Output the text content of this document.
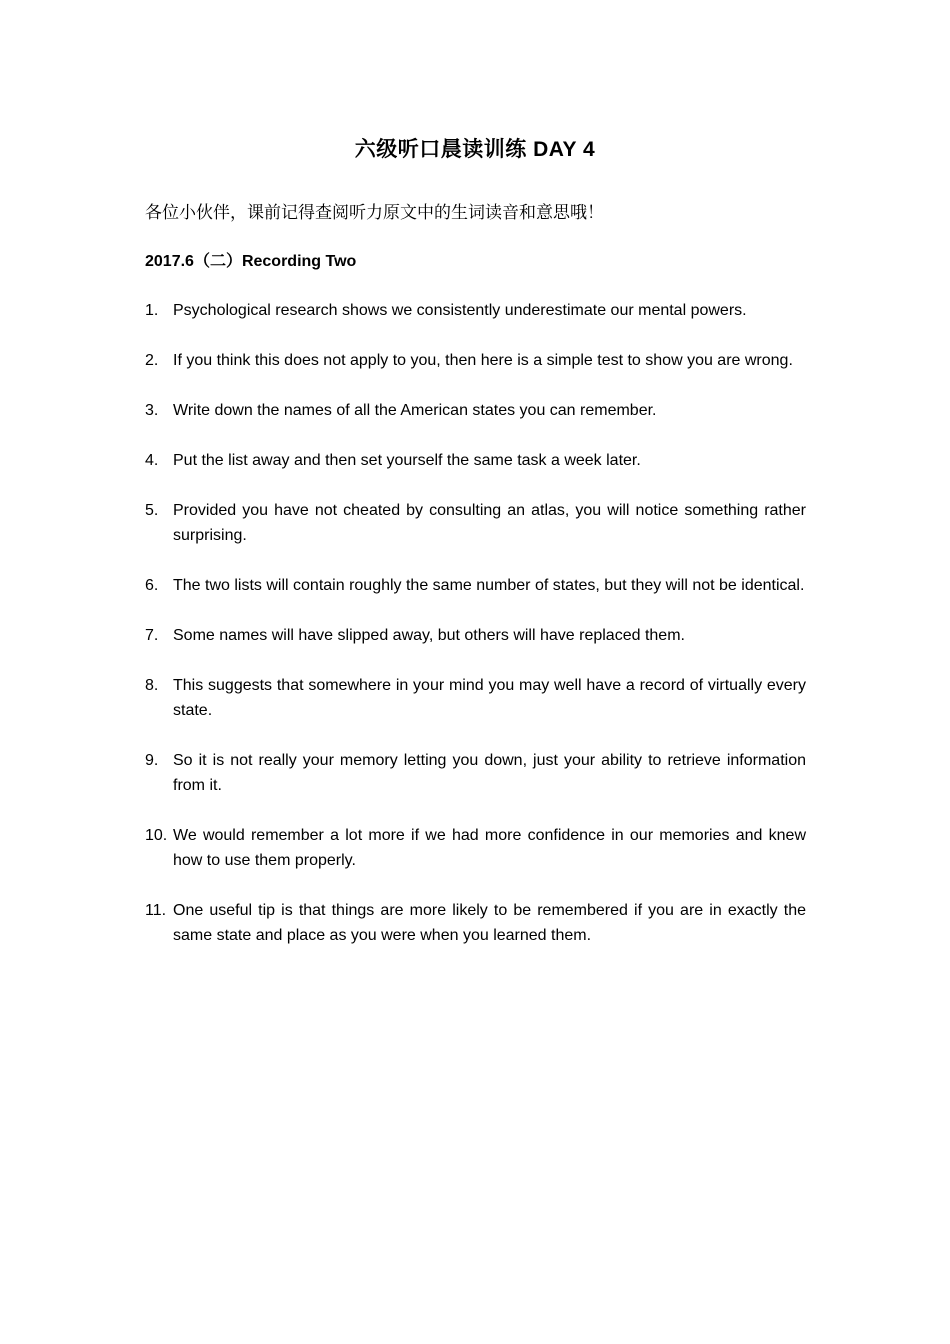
六级听口晨读训练 DAY 4
各位小伙伴，课前记得查阅听力原文中的生词读音和意思哦！
2017.6（二）Recording Two
1. Psychological research shows we consistently underestimate our mental powers.
2. If you think this does not apply to you, then here is a simple test to show you are wrong.
3. Write down the names of all the American states you can remember.
4. Put the list away and then set yourself the same task a week later.
5. Provided you have not cheated by consulting an atlas, you will notice something rather surprising.
6. The two lists will contain roughly the same number of states, but they will not be identical.
7. Some names will have slipped away, but others will have replaced them.
8. This suggests that somewhere in your mind you may well have a record of virtually every state.
9. So it is not really your memory letting you down, just your ability to retrieve information from it.
10. We would remember a lot more if we had more confidence in our memories and knew how to use them properly.
11. One useful tip is that things are more likely to be remembered if you are in exactly the same state and place as you were when you learned them.
